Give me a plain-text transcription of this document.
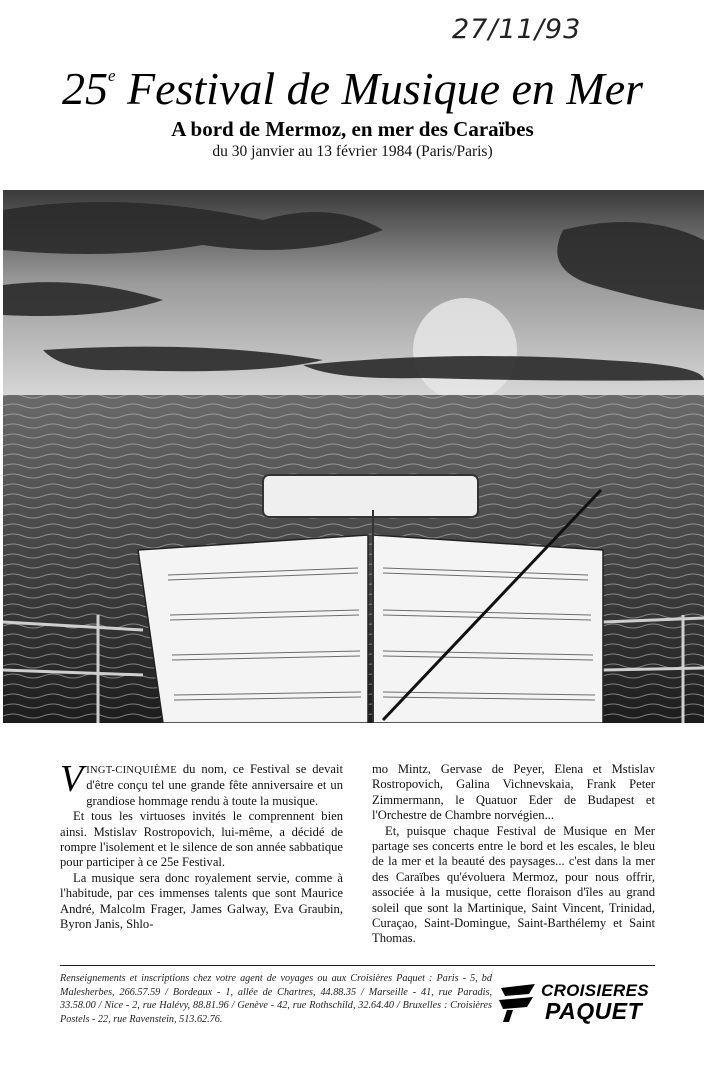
27/11/93
25e Festival de Musique en Mer
A bord de Mermoz, en mer des Caraïbes
du 30 janvier au 13 février 1984 (Paris/Paris)

VINGT-CINQUIÈME du nom, ce Festival se devait d'être conçu tel une grande fête anniversaire et un grandiose hommage rendu à toute la musique.

Et tous les virtuoses invités le comprennent bien ainsi. Mstislav Rostropovich, lui-même, a décidé de rompre l'isolement et le silence de son année sabbatique pour participer à ce 25e Festival.

La musique sera donc royalement servie, comme à l'habitude, par ces immenses talents que sont Maurice André, Malcolm Frager, James Galway, Eva Graubin, Byron Janis, Shlo-

mo Mintz, Gervase de Peyer, Elena et Mstislav Rostropovich, Galina Vichnevskaia, Frank Peter Zimmermann, le Quatuor Eder de Budapest et l'Orchestre de Chambre norvégien...

Et, puisque chaque Festival de Musique en Mer partage ses concerts entre le bord et les escales, le bleu de la mer et la beauté des paysages... c'est dans la mer des Caraïbes qu'évoluera Mermoz, pour nous offrir, associée à la musique, cette floraison d'îles au grand soleil que sont la Martinique, Saint Vincent, Trinidad, Curaçao, Saint-Domingue, Saint-Barthélemy et Saint Thomas.

Renseignements et inscriptions chez votre agent de voyages ou aux Croisières Paquet : Paris - 5, bd Malesherbes, 266.57.59 / Bordeaux - 1, allée de Chartres, 44.88.35 / Marseille - 41, rue Paradis, 33.58.00 / Nice - 2, rue Halévy, 88.81.96 / Genève - 42, rue Rothschild, 32.64.40 / Bruxelles : Croisières Postels - 22, rue Ravenstein, 513.62.76.
CROISIERES
PAQUET
